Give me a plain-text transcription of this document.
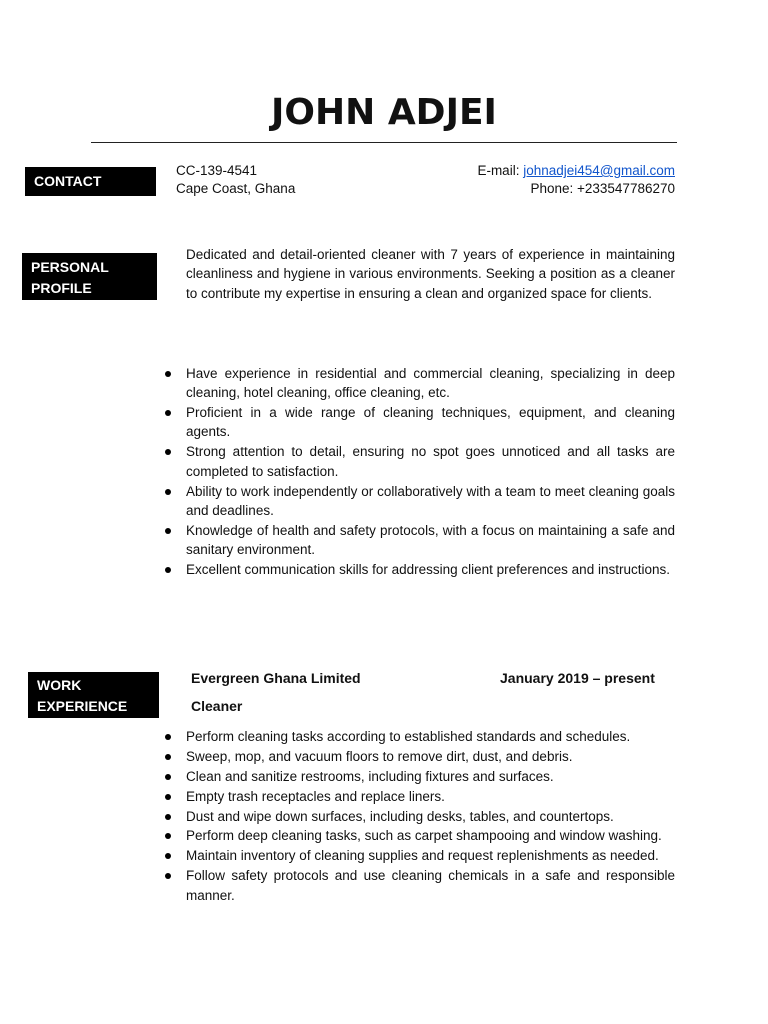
JOHN ADJEI
CONTACT
CC-139-4541
Cape Coast, Ghana
E-mail: johnadjei454@gmail.com
Phone: +233547786270
PERSONAL
PROFILE
Dedicated and detail-oriented cleaner with 7 years of experience in maintaining cleanliness and hygiene in various environments. Seeking a position as a cleaner to contribute my expertise in ensuring a clean and organized space for clients.
Have experience in residential and commercial cleaning, specializing in deep cleaning, hotel cleaning, office cleaning, etc.
Proficient in a wide range of cleaning techniques, equipment, and cleaning agents.
Strong attention to detail, ensuring no spot goes unnoticed and all tasks are completed to satisfaction.
Ability to work independently or collaboratively with a team to meet cleaning goals and deadlines.
Knowledge of health and safety protocols, with a focus on maintaining a safe and sanitary environment.
Excellent communication skills for addressing client preferences and instructions.
WORK
EXPERIENCE
Evergreen Ghana Limited	January 2019 – present
Cleaner
Perform cleaning tasks according to established standards and schedules.
Sweep, mop, and vacuum floors to remove dirt, dust, and debris.
Clean and sanitize restrooms, including fixtures and surfaces.
Empty trash receptacles and replace liners.
Dust and wipe down surfaces, including desks, tables, and countertops.
Perform deep cleaning tasks, such as carpet shampooing and window washing.
Maintain inventory of cleaning supplies and request replenishments as needed.
Follow safety protocols and use cleaning chemicals in a safe and responsible manner.
